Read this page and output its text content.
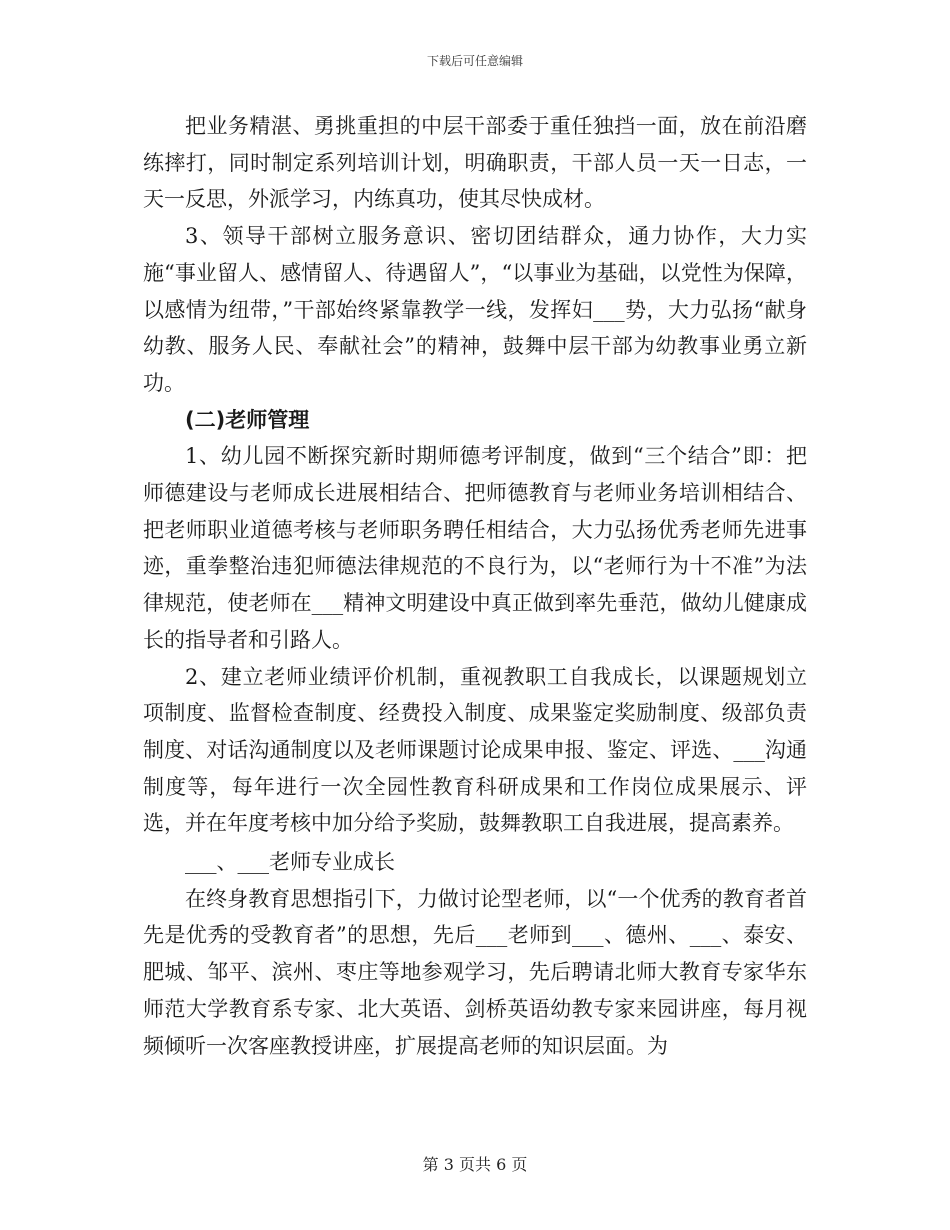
下载后可任意编辑

把业务精湛、勇挑重担的中层干部委于重任独挡一面，放在前沿磨练摔打，同时制定系列培训计划，明确职责，干部人员一天一日志，一天一反思，外派学习，内练真功，使其尽快成材。

3、领导干部树立服务意识、密切团结群众，通力协作，大力实施“事业留人、感情留人、待遇留人”，“以事业为基础，以党性为保障，以感情为纽带，”干部始终紧靠教学一线，发挥妇___势，大力弘扬“献身幼教、服务人民、奉献社会”的精神，鼓舞中层干部为幼教事业勇立新功。

(二)老师管理

1、幼儿园不断探究新时期师德考评制度，做到“三个结合”即：把师德建设与老师成长进展相结合、把师德教育与老师业务培训相结合、把老师职业道德考核与老师职务聘任相结合，大力弘扬优秀老师先进事迹，重拳整治违犯师德法律规范的不良行为，以“老师行为十不准”为法律规范，使老师在___精神文明建设中真正做到率先垂范，做幼儿健康成长的指导者和引路人。

2、建立老师业绩评价机制，重视教职工自我成长，以课题规划立项制度、监督检查制度、经费投入制度、成果鉴定奖励制度、级部负责制度、对话沟通制度以及老师课题讨论成果申报、鉴定、评选、___沟通制度等，每年进行一次全园性教育科研成果和工作岗位成果展示、评选，并在年度考核中加分给予奖励，鼓舞教职工自我进展，提高素养。

___、___老师专业成长

在终身教育思想指引下，力做讨论型老师，以“一个优秀的教育者首先是优秀的受教育者”的思想，先后___老师到___、德州、___、泰安、肥城、邹平、滨州、枣庄等地参观学习，先后聘请北师大教育专家华东师范大学教育系专家、北大英语、剑桥英语幼教专家来园讲座，每月视频倾听一次客座教授讲座，扩展提高老师的知识层面。为

第 3 页共 6 页
